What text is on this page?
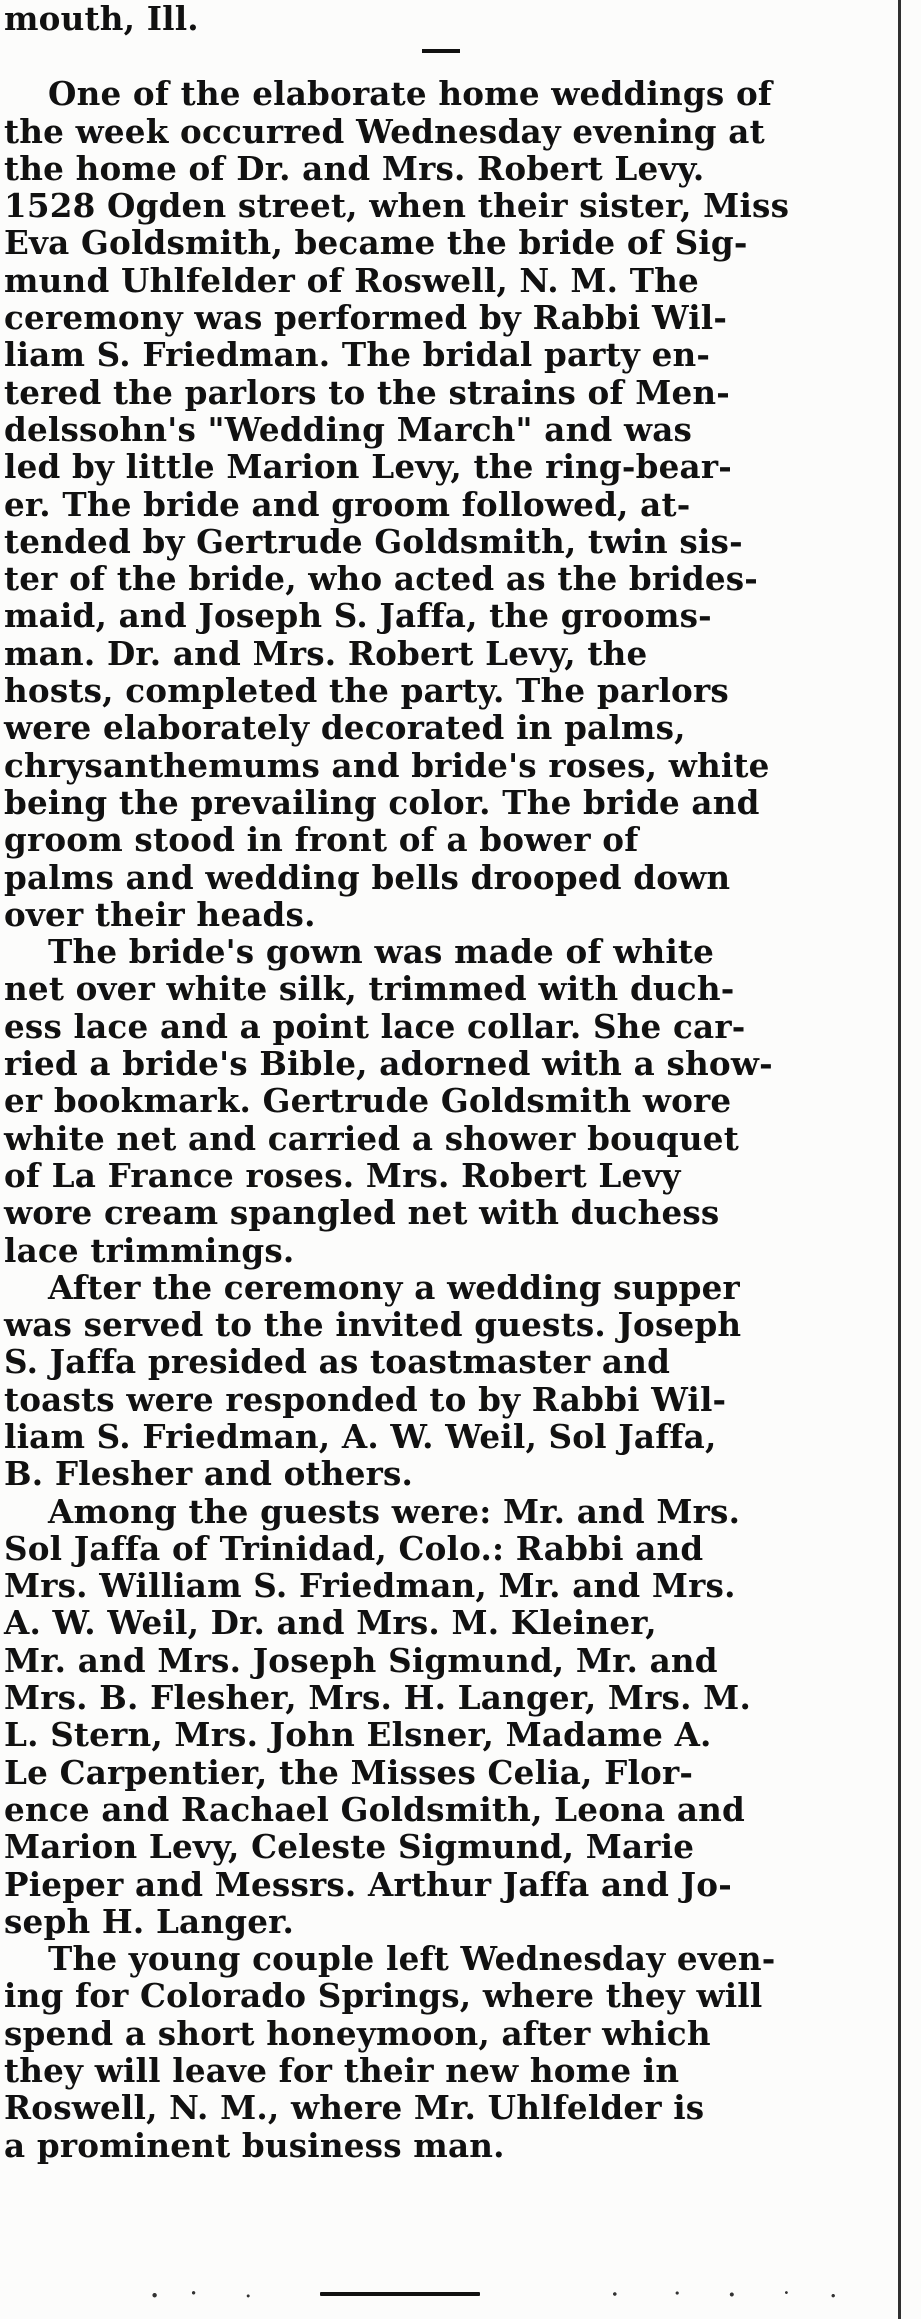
mouth, Ill.

One of the elaborate home weddings of
the week occurred Wednesday evening at
the home of Dr. and Mrs. Robert Levy.
1528 Ogden street, when their sister, Miss
Eva Goldsmith, became the bride of Sig-
mund Uhlfelder of Roswell, N. M. The
ceremony was performed by Rabbi Wil-
liam S. Friedman. The bridal party en-
tered the parlors to the strains of Men-
delssohn's "Wedding March" and was
led by little Marion Levy, the ring-bear-
er. The bride and groom followed, at-
tended by Gertrude Goldsmith, twin sis-
ter of the bride, who acted as the brides-
maid, and Joseph S. Jaffa, the grooms-
man. Dr. and Mrs. Robert Levy, the
hosts, completed the party. The parlors
were elaborately decorated in palms,
chrysanthemums and bride's roses, white
being the prevailing color. The bride and
groom stood in front of a bower of
palms and wedding bells drooped down
over their heads.

The bride's gown was made of white
net over white silk, trimmed with duch-
ess lace and a point lace collar. She car-
ried a bride's Bible, adorned with a show-
er bookmark. Gertrude Goldsmith wore
white net and carried a shower bouquet
of La France roses. Mrs. Robert Levy
wore cream spangled net with duchess
lace trimmings.

After the ceremony a wedding supper
was served to the invited guests. Joseph
S. Jaffa presided as toastmaster and
toasts were responded to by Rabbi Wil-
liam S. Friedman, A. W. Weil, Sol Jaffa,
B. Flesher and others.

Among the guests were: Mr. and Mrs.
Sol Jaffa of Trinidad, Colo.: Rabbi and
Mrs. William S. Friedman, Mr. and Mrs.
A. W. Weil, Dr. and Mrs. M. Kleiner,
Mr. and Mrs. Joseph Sigmund, Mr. and
Mrs. B. Flesher, Mrs. H. Langer, Mrs. M.
L. Stern, Mrs. John Elsner, Madame A.
Le Carpentier, the Misses Celia, Flor-
ence and Rachael Goldsmith, Leona and
Marion Levy, Celeste Sigmund, Marie
Pieper and Messrs. Arthur Jaffa and Jo-
seph H. Langer.

The young couple left Wednesday even-
ing for Colorado Springs, where they will
spend a short honeymoon, after which
they will leave for their new home in
Roswell, N. M., where Mr. Uhlfelder is
a prominent business man.
